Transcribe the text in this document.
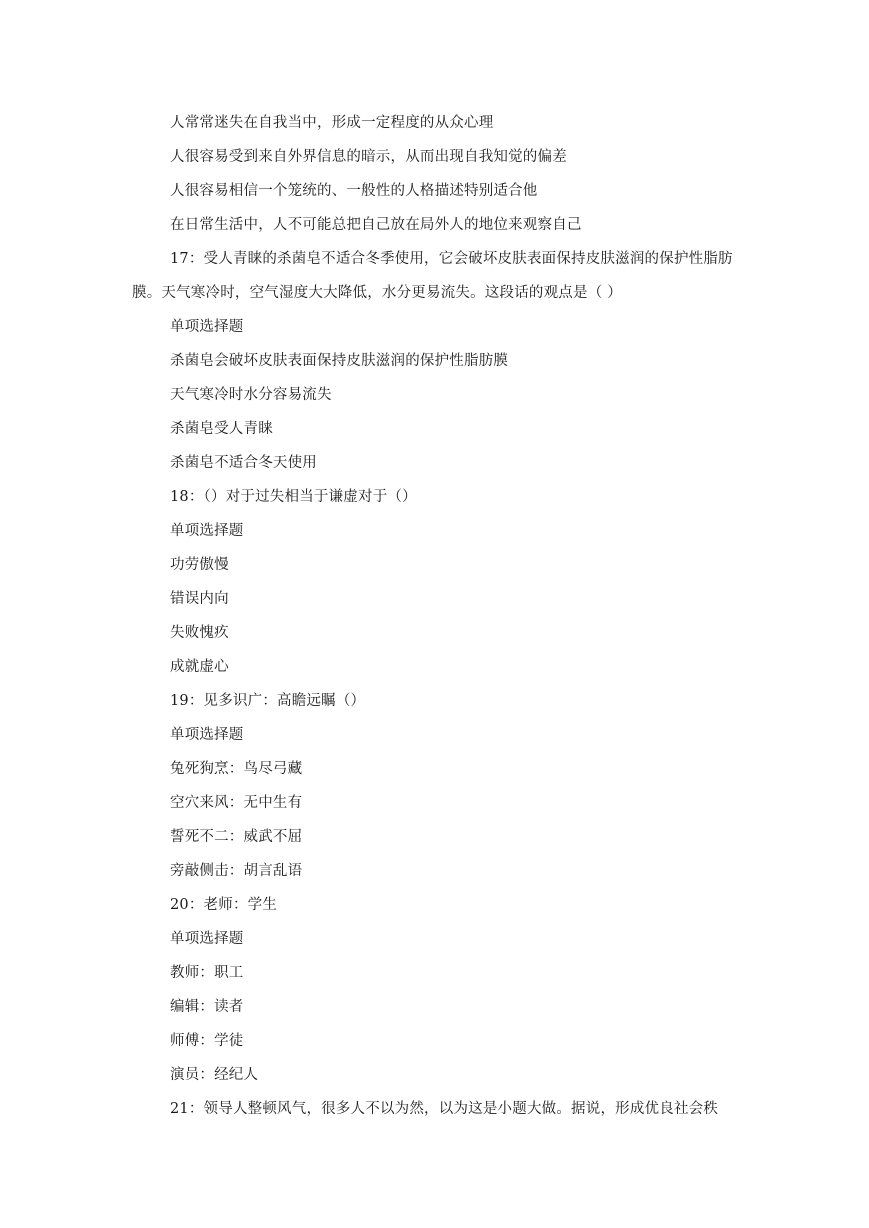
人常常迷失在自我当中，形成一定程度的从众心理
人很容易受到来自外界信息的暗示，从而出现自我知觉的偏差
人很容易相信一个笼统的、一般性的人格描述特别适合他
在日常生活中，人不可能总把自己放在局外人的地位来观察自己
17：受人青睐的杀菌皂不适合冬季使用，它会破坏皮肤表面保持皮肤滋润的保护性脂肪膜。天气寒冷时，空气湿度大大降低，水分更易流失。这段话的观点是（ ）
单项选择题
杀菌皂会破坏皮肤表面保持皮肤滋润的保护性脂肪膜
天气寒冷时水分容易流失
杀菌皂受人青睐
杀菌皂不适合冬天使用
18：（）对于过失相当于谦虚对于（）
单项选择题
功劳傲慢
错误内向
失败愧疚
成就虚心
19：见多识广：高瞻远瞩（）
单项选择题
兔死狗烹：鸟尽弓藏
空穴来风：无中生有
誓死不二：威武不屈
旁敲侧击：胡言乱语
20：老师：学生
单项选择题
教师：职工
编辑：读者
师傅：学徒
演员：经纪人
21：领导人整顿风气，很多人不以为然，以为这是小题大做。据说，形成优良社会秩
